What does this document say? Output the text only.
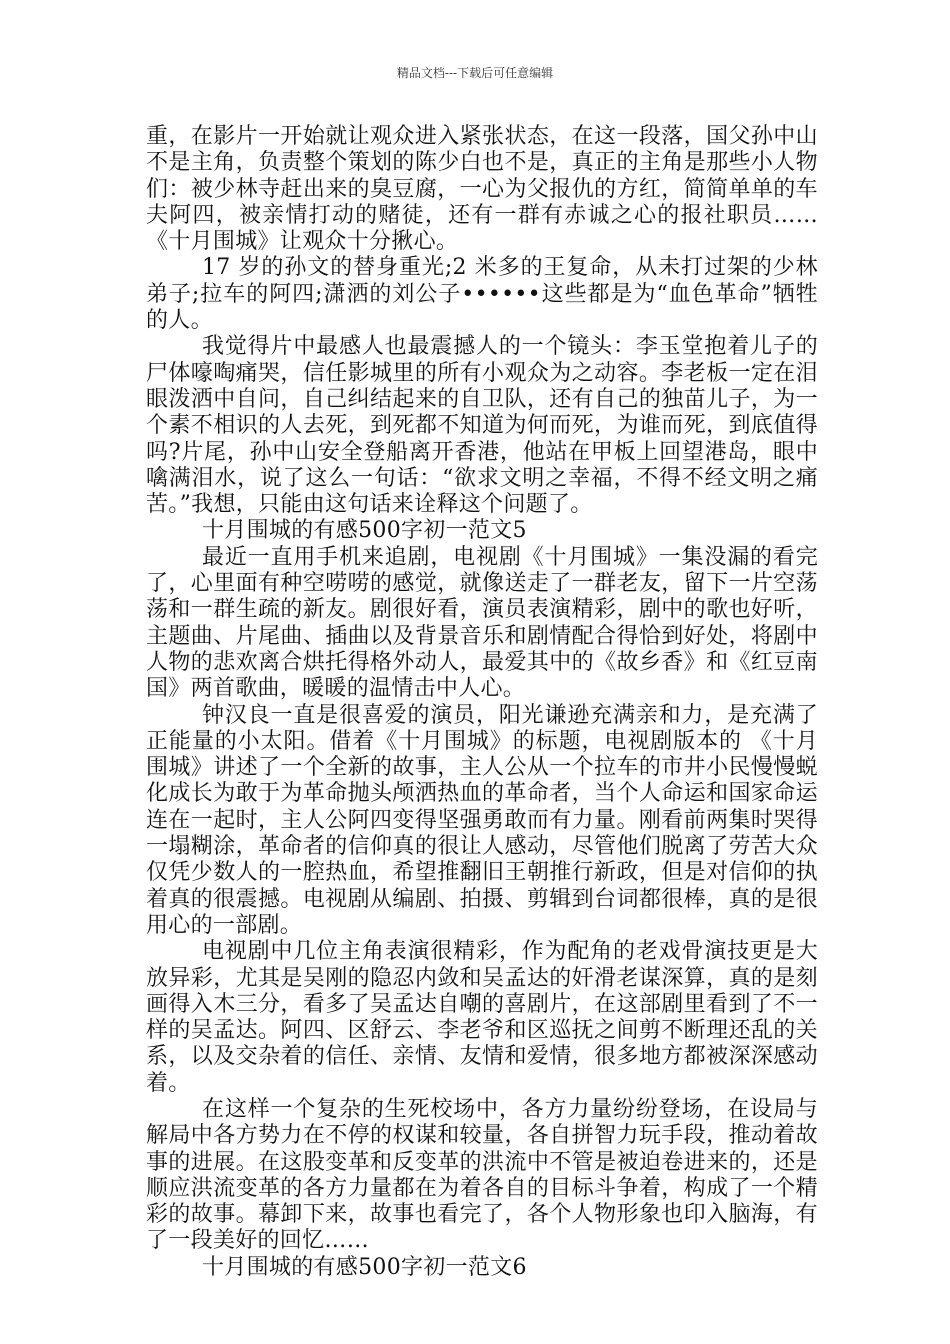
精品文档---下载后可任意编辑

重，在影片一开始就让观众进入紧张状态，在这一段落，国父孙中山不是主角，负责整个策划的陈少白也不是，真正的主角是那些小人物们：被少林寺赶出来的臭豆腐，一心为父报仇的方红，简简单单的车夫阿四，被亲情打动的赌徒，还有一群有赤诚之心的报社职员……《十月围城》让观众十分揪心。

17 岁的孙文的替身重光;2 米多的王复命，从未打过架的少林弟子;拉车的阿四;潇洒的刘公子••••••这些都是为“血色革命”牺牲的人。

我觉得片中最感人也最震撼人的一个镜头：李玉堂抱着儿子的尸体嚎啕痛哭，信任影城里的所有小观众为之动容。李老板一定在泪眼泼洒中自问，自己纠结起来的自卫队，还有自己的独苗儿子，为一个素不相识的人去死，到死都不知道为何而死，为谁而死，到底值得吗?片尾，孙中山安全登船离开香港，他站在甲板上回望港岛，眼中噙满泪水，说了这么一句话：“欲求文明之幸福，不得不经文明之痛苦。”我想，只能由这句话来诠释这个问题了。

十月围城的有感500字初一范文5

最近一直用手机来追剧，电视剧《十月围城》一集没漏的看完了，心里面有种空唠唠的感觉，就像送走了一群老友，留下一片空荡荡和一群生疏的新友。剧很好看，演员表演精彩，剧中的歌也好听，主题曲、片尾曲、插曲以及背景音乐和剧情配合得恰到好处，将剧中人物的悲欢离合烘托得格外动人，最爱其中的《故乡香》和《红豆南国》两首歌曲，暖暖的温情击中人心。

钟汉良一直是很喜爱的演员，阳光谦逊充满亲和力，是充满了正能量的小太阳。借着《十月围城》的标题，电视剧版本的 《十月围城》讲述了一个全新的故事，主人公从一个拉车的市井小民慢慢蜕化成长为敢于为革命抛头颅洒热血的革命者，当个人命运和国家命运连在一起时，主人公阿四变得坚强勇敢而有力量。刚看前两集时哭得一塌糊涂，革命者的信仰真的很让人感动，尽管他们脱离了劳苦大众仅凭少数人的一腔热血，希望推翻旧王朝推行新政，但是对信仰的执着真的很震撼。电视剧从编剧、拍摄、剪辑到台词都很棒，真的是很用心的一部剧。

电视剧中几位主角表演很精彩，作为配角的老戏骨演技更是大放异彩，尤其是吴刚的隐忍内敛和吴孟达的奸滑老谋深算，真的是刻画得入木三分，看多了吴孟达自嘲的喜剧片，在这部剧里看到了不一样的吴孟达。阿四、区舒云、李老爷和区巡抚之间剪不断理还乱的关系，以及交杂着的信任、亲情、友情和爱情，很多地方都被深深感动着。

在这样一个复杂的生死校场中，各方力量纷纷登场，在设局与解局中各方势力在不停的权谋和较量，各自拼智力玩手段，推动着故事的进展。在这股变革和反变革的洪流中不管是被迫卷进来的，还是顺应洪流变革的各方力量都在为着各自的目标斗争着，构成了一个精彩的故事。幕卸下来，故事也看完了，各个人物形象也印入脑海，有了一段美好的回忆……

十月围城的有感500字初一范文6
